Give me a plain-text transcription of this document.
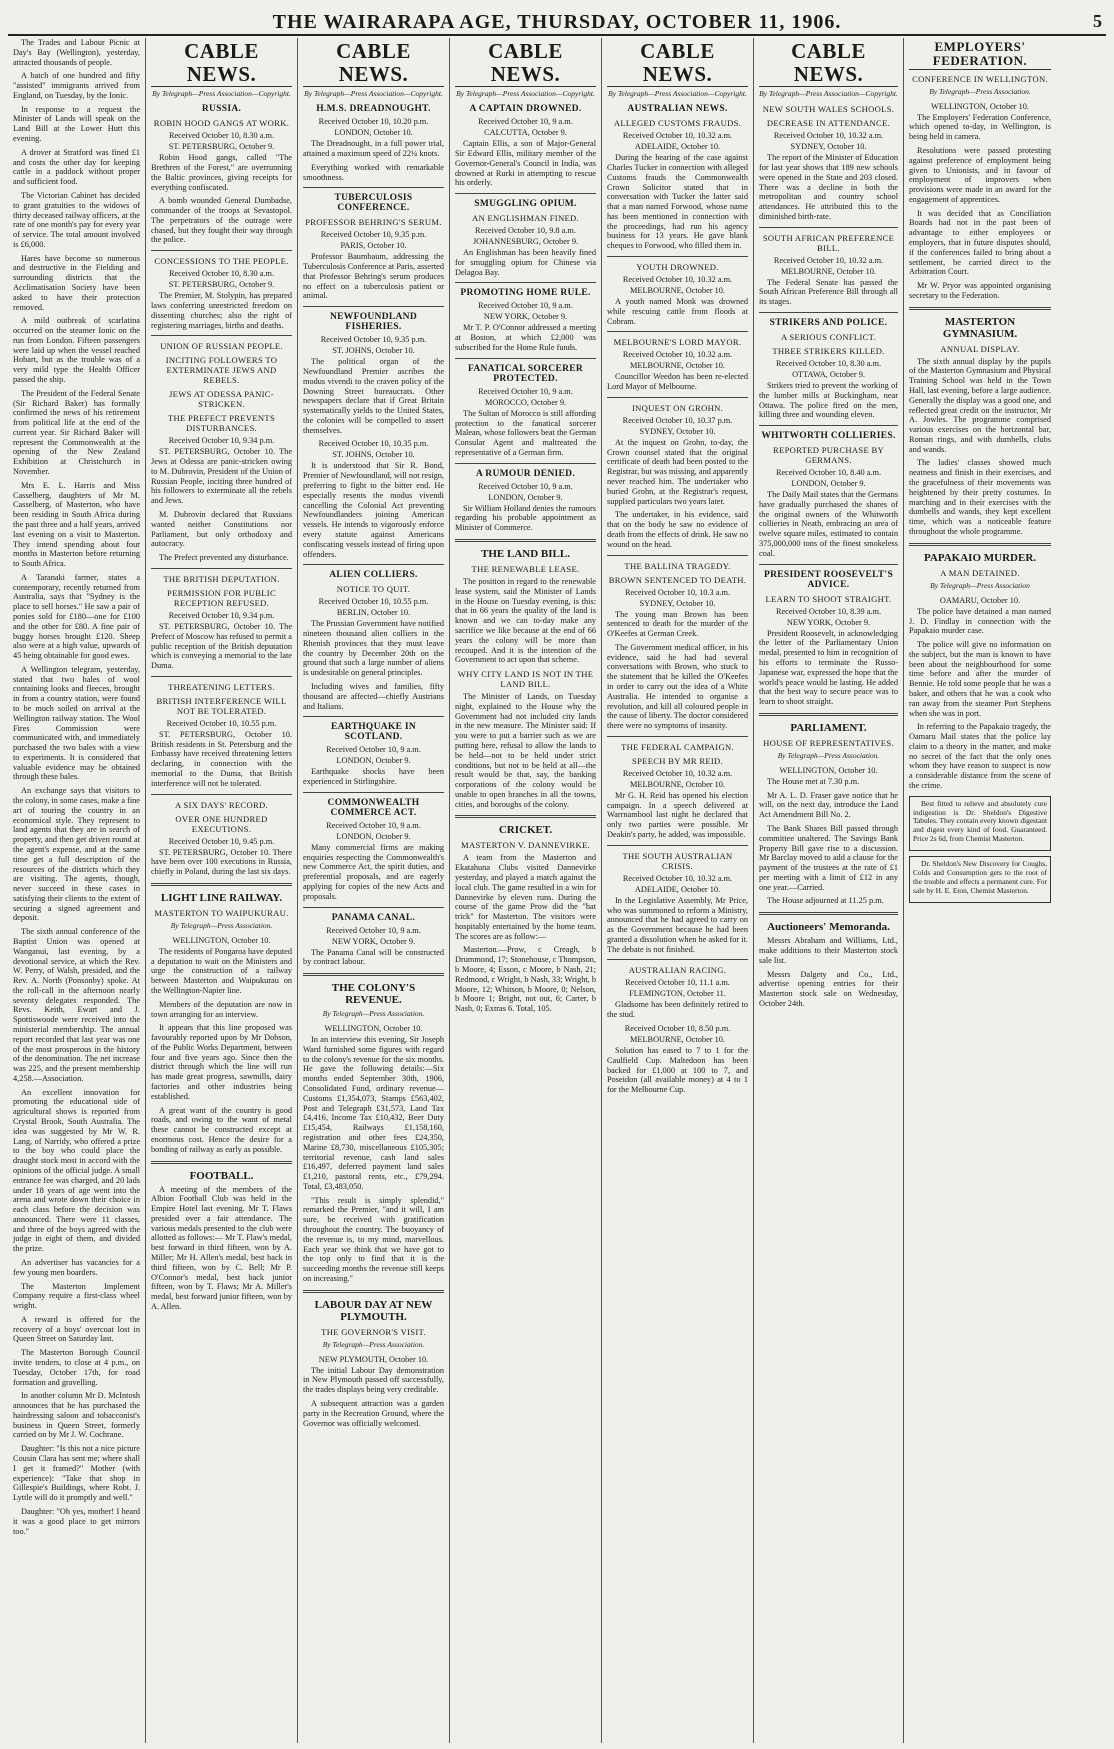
THE WAIRARAPA AGE, THURSDAY, OCTOBER 11, 1906.	5

The Trades and Labour Picnic at Day's Bay (Wellington), yesterday, attracted thousands of people.

A batch of one hundred and fifty "assisted" immigrants arrived from England, on Tuesday, by the Ionic.

In response to a request the Minister of Lands will speak on the Land Bill at the Lower Hutt this evening.

A drover at Stratford was fined £1 and costs the other day for keeping cattle in a paddock without proper and sufficient food.

The Victorian Cabinet has decided to grant gratuities to the widows of thirty deceased railway officers, at the rate of one month's pay for every year of service. The total amount involved is £6,000.

Hares have become so numerous and destructive in the Fielding and surrounding districts that the Acclimatisation Society have been asked to have their protection removed.

A mild outbreak of scarlatina occurred on the steamer Ionic on the run from London. Fifteen passengers were laid up when the vessel reached Hobart, but as the trouble was of a very mild type the Health Officer passed the ship.

The President of the Federal Senate (Sir Richard Baker) has formally confirmed the news of his retirement from political life at the end of the current year. Sir Richard Baker will represent the Commonwealth at the opening of the New Zealand Exhibition at Christchurch in November.

Mrs E. L. Harris and Miss Casselberg, daughters of Mr M. Casselberg, of Masterton, who have been residing in South Africa during the past three and a half years, arrived last evening on a visit to Masterton. They intend spending about four months in Masterton before returning to South Africa.

A Taranaki farmer, states a contemporary, recently returned from Australia, says that "Sydney is the place to sell horses." He saw a pair of ponies sold for £180—one for £100 and the other for £80. A fine pair of buggy horses brought £120. Sheep also were at a high value, upwards of 45 being obtainable for good ewes.

A Wellington telegram, yesterday, stated that two bales of wool containing looks and fleeces, brought in from a country station, were found to be much soiled on arrival at the Wellington railway station. The Wool Fires Commission were communicated with, and immediately purchased the two bales with a view to experiments. It is considered that valuable evidence may be obtained through these bales.

An exchange says that visitors to the colony, in some cases, make a fine art of touring the country in an economical style. They represent to land agents that they are in search of property, and then get driven round at the agent's expense, and at the same time get a full description of the resources of the districts which they are visiting. The agents, though, never succeed in these cases in satisfying their clients to the extent of securing a signed agreement and deposit.

The sixth annual conference of the Baptist Union was opened at Wanganui, last evening, by a devotional service, at which the Rev. W. Perry, of Walsh, presided, and the Rev. A. North (Ponsonby) spoke. At the roll-call in the afternoon nearly seventy delegates responded. The Revs. Keith, Ewart and J. Spottiswoode were received into the ministerial membership. The annual report recorded that last year was one of the most prosperous in the history of the denomination. The net increase was 225, and the present membership 4,258.—Association.

An excellent innovation for promoting the educational side of agricultural shows is reported from Crystal Brook, South Australia. The idea was suggested by Mr W. R. Lang, of Narridy, who offered a prize to the boy who could place the draught stock most in accord with the opinions of the official judge. A small entrance fee was charged, and 20 lads under 18 years of age went into the arena and wrote down their choice in each class before the decision was announced. There were 11 classes, and three of the boys agreed with the judge in eight of them, and divided the prize.

An advertiser has vacancies for a few young men boarders.

The Masterton Implement Company require a first-class wheel wright.

A reward is offered for the recovery of a boys' overcoat lost in Queen Street on Saturday last.

The Masterton Borough Council invite tenders, to close at 4 p.m., on Tuesday, October 17th, for road formation and gravelling.

In another column Mr D. McIntosh announces that he has purchased the hairdressing saloon and tobacconist's business in Queen Street, formerly carried on by Mr J. W. Cochrane.

Daughter: "Is this not a nice picture Cousin Clara has sent me; where shall I get it framed?" Mother (with experience): "Take that shop in Gillespie's Buildings, where Robt. J. Lyttle will do it promptly and well."

Daughter: "Oh yes, mother! I heard it was a good place to get mirrors too."

CABLE NEWS.
By Telegraph—Press Association—Copyright.
RUSSIA.
ROBIN HOOD GANGS AT WORK.
Received October 10, 8.30 a.m.
ST. PETERSBURG, October 9.

Robin Hood gangs, called "The Brethren of the Forest," are overrunning the Baltic provinces, giving receipts for everything confiscated.

A bomb wounded General Dumbadse, commander of the troops at Sevastopol. The perpetrators of the outrage were chased, but they fought their way through the police.

CONCESSIONS TO THE PEOPLE.
Received October 10, 8.30 a.m.
ST. PETERSBURG, October 9.

The Premier, M. Stolypin, has prepared laws conferring unrestricted freedom on dissenting churches; also the right of registering marriages, births and deaths.

UNION OF RUSSIAN PEOPLE.
INCITING FOLLOWERS TO EXTERMINATE JEWS AND REBELS.
JEWS AT ODESSA PANIC-STRICKEN.
THE PREFECT PREVENTS DISTURBANCES.
Received October 10, 9.34 p.m.

ST. PETERSBURG, October 10. The Jews at Odessa are panic-stricken owing to M. Dubrovin, President of the Union of Russian People, inciting three hundred of his followers to exterminate all the rebels and Jews.

M. Dubrovin declared that Russians wanted neither Constitutions nor Parliament, but only orthodoxy and autocracy.

The Prefect prevented any disturbance.

THE BRITISH DEPUTATION.
PERMISSION FOR PUBLIC RECEPTION REFUSED.
Received October 10, 9.34 p.m.

ST. PETERSBURG, October 10. The Prefect of Moscow has refused to permit a public reception of the British deputation which is conveying a memorial to the late Duma.

THREATENING LETTERS.
BRITISH INTERFERENCE WILL NOT BE TOLERATED.
Received October 10, 10.55 p.m.

ST. PETERSBURG, October 10. British residents in St. Petersburg and the Embassy have received threatening letters declaring, in connection with the memorial to the Duma, that British interference will not be tolerated.

A SIX DAYS' RECORD.
OVER ONE HUNDRED EXECUTIONS.
Received October 10, 9.45 p.m.

ST. PETERSBURG, October 10. There have been over 100 executions in Russia, chiefly in Poland, during the last six days.

LIGHT LINE RAILWAY.
MASTERTON TO WAIPUKURAU.
By Telegraph—Press Association.
WELLINGTON, October 10.

The residents of Pongaroa have deputed a deputation to wait on the Ministers and urge the construction of a railway between Masterton and Waipukurau on the Wellington-Napier line.

Members of the deputation are now in town arranging for an interview.

It appears that this line proposed was favourably reported upon by Mr Dobson, of the Public Works Department, between four and five years ago. Since then the district through which the line will run has made great progress, sawmills, dairy factories and other industries being established.

A great want of the country is good roads, and owing to the want of metal these cannot be constructed except at enormous cost. Hence the desire for a bonding of railway as early as possible.

FOOTBALL.

A meeting of the members of the Albion Football Club was held in the Empire Hotel last evening. Mr T. Flaws presided over a fair attendance. The various medals presented to the club were allotted as follows:— Mr T. Flaw's medal, best forward in third fifteen, won by A. Miller; Mr H. Allen's medal, best back in third fifteen, won by C. Bell; Mr P. O'Connor's medal, best back junior fifteen, won by T. Flaws; Mr A. Miller's medal, best forward junior fifteen, won by A. Allen.

CABLE NEWS.
By Telegraph—Press Association—Copyright.
H.M.S. DREADNOUGHT.
Received October 10, 10.20 p.m.
LONDON, October 10.

The Dreadnought, in a full power trial, attained a maximum speed of 22¼ knots.

Everything worked with remarkable smoothness.

TUBERCULOSIS CONFERENCE.
PROFESSOR BEHRING'S SERUM.
Received October 10, 9.35 p.m.
PARIS, October 10.

Professor Baumbaum, addressing the Tuberculosis Conference at Paris, asserted that Professor Behring's serum produces no effect on a tuberculosis patient or animal.

NEWFOUNDLAND FISHERIES.
Received October 10, 9.35 p.m.
ST. JOHNS, October 10.

The political organ of the Newfoundland Premier ascribes the modus vivendi to the craven policy of the Downing Street bureaucrats. Other newspapers declare that if Great Britain systematically yields to the United States, the colonies will be compelled to assert themselves.

Received October 10, 10.35 p.m.
ST. JOHNS, October 10.

It is understood that Sir R. Bond, Premier of Newfoundland, will not resign, preferring to fight to the bitter end. He especially resents the modus vivendi cancelling the Colonial Act preventing Newfoundlanders joining American vessels. He intends to vigorously enforce every statute against Americans confiscating vessels instead of firing upon offenders.

ALIEN COLLIERS.
NOTICE TO QUIT.
Received October 10, 10.55 p.m.
BERLIN, October 10.

The Prussian Government have notified nineteen thousand alien colliers in the Rhenish provinces that they must leave the country by December 20th on the ground that such a large number of aliens is undesirable on general principles.

Including wives and families, fifty thousand are affected—chiefly Austrians and Italians.

EARTHQUAKE IN SCOTLAND.
Received October 10, 9 a.m.
LONDON, October 9.

Earthquake shocks have been experienced in Stirlingshire.

COMMONWEALTH COMMERCE ACT.
Received October 10, 9 a.m.
LONDON, October 9.

Many commercial firms are making enquiries respecting the Commonwealth's new Commerce Act, the spirit duties, and preferential proposals, and are eagerly applying for copies of the new Acts and proposals.

PANAMA CANAL.
Received October 10, 9 a.m.
NEW YORK, October 9.

The Panama Canal will be constructed by contract labour.

THE COLONY'S REVENUE.
By Telegraph—Press Association.
WELLINGTON, October 10.

In an interview this evening, Sir Joseph Ward furnished some figures with regard to the colony's revenue for the six months. He gave the following details:—Six months ended September 30th, 1906, Consolidated Fund, ordinary revenue—Customs £1,354,073, Stamps £563,402, Post and Telegraph £31,573, Land Tax £4,416, Income Tax £10,432, Beer Duty £15,454, Railways £1,158,160, registration and other fees £24,350, Marine £8,730, miscellaneous £105,305; territorial revenue, cash land sales £16,497, deferred payment land sales £1,210, pastoral rents, etc., £79,294. Total, £3,483,050.

"This result is simply splendid," remarked the Premier, "and it will, I am sure, be received with gratification throughout the country. The buoyancy of the revenue is, to my mind, marvellous. Each year we think that we have got to the top only to find that it is the succeeding months the revenue still keeps on increasing."

LABOUR DAY AT NEW PLYMOUTH.
THE GOVERNOR'S VISIT.
By Telegraph—Press Association.
NEW PLYMOUTH, October 10.

The initial Labour Day demonstration in New Plymouth passed off successfully, the trades displays being very creditable.

A subsequent attraction was a garden party in the Recreation Ground, where the Governor was officially welcomed.

CABLE NEWS.
By Telegraph—Press Association—Copyright.
A CAPTAIN DROWNED.
Received October 10, 9 a.m.
CALCUTTA, October 9.

Captain Ellis, a son of Major-General Sir Edward Ellis, military member of the Governor-General's Council in India, was drowned at Rurki in attempting to rescue his orderly.

SMUGGLING OPIUM.
AN ENGLISHMAN FINED.
Received October 10, 9.8 a.m.
JOHANNESBURG, October 9.

An Englishman has been heavily fined for smuggling opium for Chinese via Delagoa Bay.

PROMOTING HOME RULE.
Received October 10, 9 a.m.
NEW YORK, October 9.

Mr T. P. O'Connor addressed a meeting at Boston, at which £2,000 was subscribed for the Home Rule funds.

FANATICAL SORCERER PROTECTED.
Received October 10, 9 a.m.
MOROCCO, October 9.

The Sultan of Morocco is still affording protection to the fanatical sorcerer Malean, whose followers beat the German Consular Agent and maltreated the representative of a German firm.

A RUMOUR DENIED.
Received October 10, 9 a.m.
LONDON, October 9.

Sir William Holland denies the rumours regarding his probable appointment as Minister of Commerce.

THE LAND BILL.
THE RENEWABLE LEASE.

The position in regard to the renewable lease system, said the Minister of Lands in the House on Tuesday evening, is this: that in 66 years the quality of the land is known and we can to-day make any sacrifice we like because at the end of 66 years the colony will be more than recouped. And it is the intention of the Government to act upon that scheme.

WHY CITY LAND IS NOT IN THE LAND BILL.

The Minister of Lands, on Tuesday night, explained to the House why the Government had not included city lands in the new measure. The Minister said: If you were to put a barrier such as we are putting here, refusal to allow the lands to be held—not to be held under strict conditions, but not to be held at all—the result would be that, say, the banking corporations of the colony would be unable to open branches in all the towns, cities, and boroughs of the colony.

CRICKET.
MASTERTON V. DANNEVIRKE.

A team from the Masterton and Ekatahuna Clubs visited Dannevirke yesterday, and played a match against the local club. The game resulted in a win for Dannevirke by eleven runs. During the course of the game Prow did the "hat trick" for Masterton. The visitors were hospitably entertained by the home team. The scores are as follow:—

Masterton.—Prow, c Creagh, b Drummond, 17; Stonehouse, c Thompson, b Moore, 4; Esson, c Moore, b Nash, 21; Redmond, c Wright, b Nash, 33; Wright, b Moore, 12; Whitson, b Moore, 0; Nelson, b Moore 1; Bright, not out, 6; Carter, b Nash, 0; Extras 6. Total, 105.

CABLE NEWS.
By Telegraph—Press Association—Copyright.
AUSTRALIAN NEWS.
ALLEGED CUSTOMS FRAUDS.
Received October 10, 10.32 a.m.
ADELAIDE, October 10.

During the hearing of the case against Charles Tucker in connection with alleged Customs frauds the Commonwealth Crown Solicitor stated that in conversation with Tucker the latter said that a man named Forwood, whose name has been mentioned in connection with the proceedings, had run his agency business for 13 years. He gave blank cheques to Forwood, who filled them in.

YOUTH DROWNED.
Received October 10, 10.32 a.m.
MELBOURNE, October 10.

A youth named Monk was drowned while rescuing cattle from floods at Cobram.

MELBOURNE'S LORD MAYOR.
Received October 10, 10.32 a.m.
MELBOURNE, October 10.

Councillor Weedon has been re-elected Lord Mayor of Melbourne.

INQUEST ON GROHN.
Received October 10, 10.37 p.m.
SYDNEY, October 10.

At the inquest on Grohn, to-day, the Crown counsel stated that the original certificate of death had been posted to the Registrar, but was missing, and apparently never reached him. The undertaker who buried Grohn, at the Registrar's request, supplied particulars two years later.

The undertaker, in his evidence, said that on the body he saw no evidence of death from the effects of drink. He saw no wound on the head.

THE BALLINA TRAGEDY.
BROWN SENTENCED TO DEATH.
Received October 10, 10.3 a.m.
SYDNEY, October 10.

The young man Brown has been sentenced to death for the murder of the O'Keefes at German Creek.

The Government medical officer, in his evidence, said he had had several conversations with Brown, who stuck to the statement that he killed the O'Keefes in order to carry out the idea of a White Australia. He intended to organise a revolution, and kill all coloured people in the cause of liberty. The doctor considered there were no symptoms of insanity.

THE FEDERAL CAMPAIGN.
SPEECH BY MR REID.
Received October 10, 10.32 a.m.
MELBOURNE, October 10.

Mr G. H. Reid has opened his election campaign. In a speech delivered at Warrnambool last night he declared that only two parties were possible. Mr Deakin's party, he added, was impossible.

THE SOUTH AUSTRALIAN CRISIS.
Received October 10, 10.32 a.m.
ADELAIDE, October 10.

In the Legislative Assembly, Mr Price, who was summoned to reform a Ministry, announced that he had agreed to carry on as the Government because he had been granted a dissolution when he asked for it. The debate is not finished.

AUSTRALIAN RACING.
Received October 10, 11.1 a.m.
FLEMINGTON, October 11.

Gladsome has been definitely retired to the stud.

Received October 10, 8.50 p.m.
MELBOURNE, October 10.

Solution has eased to 7 to 1 for the Caulfield Cup. Maltedoon has been backed for £1,000 at 100 to 7, and Poseidon (all available money) at 4 to 1 for the Melbourne Cup.

CABLE NEWS.
By Telegraph—Press Association—Copyright.
NEW SOUTH WALES SCHOOLS.
DECREASE IN ATTENDANCE.
Received October 10, 10.32 a.m.
SYDNEY, October 10.

The report of the Minister of Education for last year shows that 189 new schools were opened in the State and 203 closed. There was a decline in both the metropolitan and country school attendances. He attributed this to the diminished birth-rate.

SOUTH AFRICAN PREFERENCE BILL.
Received October 10, 10.32 a.m.
MELBOURNE, October 10.

The Federal Senate has passed the South African Preference Bill through all its stages.

STRIKERS AND POLICE.
A SERIOUS CONFLICT.
THREE STRIKERS KILLED.
Received October 10, 8.30 a.m.
OTTAWA, October 9.

Strikers tried to prevent the working of the lumber mills at Buckingham, near Ottawa. The police fired on the men, killing three and wounding eleven.

WHITWORTH COLLIERIES.
REPORTED PURCHASE BY GERMANS.
Received October 10, 8.40 a.m.
LONDON, October 9.

The Daily Mail states that the Germans have gradually purchased the shares of the original owners of the Whitworth collieries in Neath, embracing an area of twelve square miles, estimated to contain 375,000,000 tons of the finest smokeless coal.

PRESIDENT ROOSEVELT'S ADVICE.
LEARN TO SHOOT STRAIGHT.
Received October 10, 8.39 a.m.
NEW YORK, October 9.

President Roosevelt, in acknowledging the letter of the Parliamentary Union medal, presented to him in recognition of his efforts to terminate the Russo-Japanese war, expressed the hope that the world's peace would be lasting. He added that the best way to secure peace was to learn to shoot straight.

PARLIAMENT.
HOUSE OF REPRESENTATIVES.
By Telegraph—Press Association.
WELLINGTON, October 10.

The House met at 7.30 p.m.

Mr A. L. D. Fraser gave notice that he will, on the next day, introduce the Land Act Amendment Bill No. 2.

The Bank Shares Bill passed through committee unaltered. The Savings Bank Property Bill gave rise to a discussion. Mr Barclay moved to add a clause for the payment of the trustees at the rate of £1 per meeting with a limit of £12 in any one year.—Carried.

The House adjourned at 11.25 p.m.

Auctioneers' Memoranda.

Messrs Abraham and Williams, Ltd., make additions to their Masterton stock sale list.

Messrs Dalgety and Co., Ltd., advertise opening entries for their Masterton stock sale on Wednesday, October 24th.

EMPLOYERS' FEDERATION.
CONFERENCE IN WELLINGTON.
By Telegraph—Press Association.
WELLINGTON, October 10.

The Employers' Federation Conference, which opened to-day, in Wellington, is being held in camera.

Resolutions were passed protesting against preference of employment being given to Unionists, and in favour of employment of improvers when provisions were made in an award for the engagement of apprentices.

It was decided that as Conciliation Boards had not in the past been of advantage to either employees or employers, that in future disputes should, if the conferences failed to bring about a settlement, be carried direct to the Arbitration Court.

Mr W. Pryor was appointed organising secretary to the Federation.

MASTERTON GYMNASIUM.
ANNUAL DISPLAY.

The sixth annual display by the pupils of the Masterton Gymnasium and Physical Training School was held in the Town Hall, last evening, before a large audience. Generally the display was a good one, and reflected great credit on the instructor, Mr A. Jowles. The programme comprised various exercises on the horizontal bar, Roman rings, and with dumbells, clubs and wands.

The ladies' classes showed much neatness and finish in their exercises, and the gracefulness of their movements was heightened by their pretty costumes. In marching and in their exercises with the dumbells and wands, they kept excellent time, which was a noticeable feature throughout the whole programme.

PAPAKAIO MURDER.
A MAN DETAINED.
By Telegraph—Press Association
OAMARU, October 10.

The police have detained a man named J. D. Findlay in connection with the Papakaio murder case.

The police will give no information on the subject, but the man is known to have been about the neighbourhood for some time before and after the murder of Bennie. He told some people that he was a baker, and others that he was a cook who ran away from the steamer Port Stephens when she was in port.

In referring to the Papakaio tragedy, the Oamaru Mail states that the police lay claim to a theory in the matter, and make no secret of the fact that the only ones whom they have reason to suspect is now a considerable distance from the scene of the crime.

Best fitted to relieve and absolutely cure indigestion is Dr. Sheldon's Digestive Tabules. They contain every known digestant and digest every kind of food. Guaranteed. Price 2s 6d, from Chemist Masterton.

Dr. Sheldon's New Discovery for Coughs, Colds and Consumption gets to the root of the trouble and effects a permanent cure. For sale by H. E. Eton, Chemist Masterton.
